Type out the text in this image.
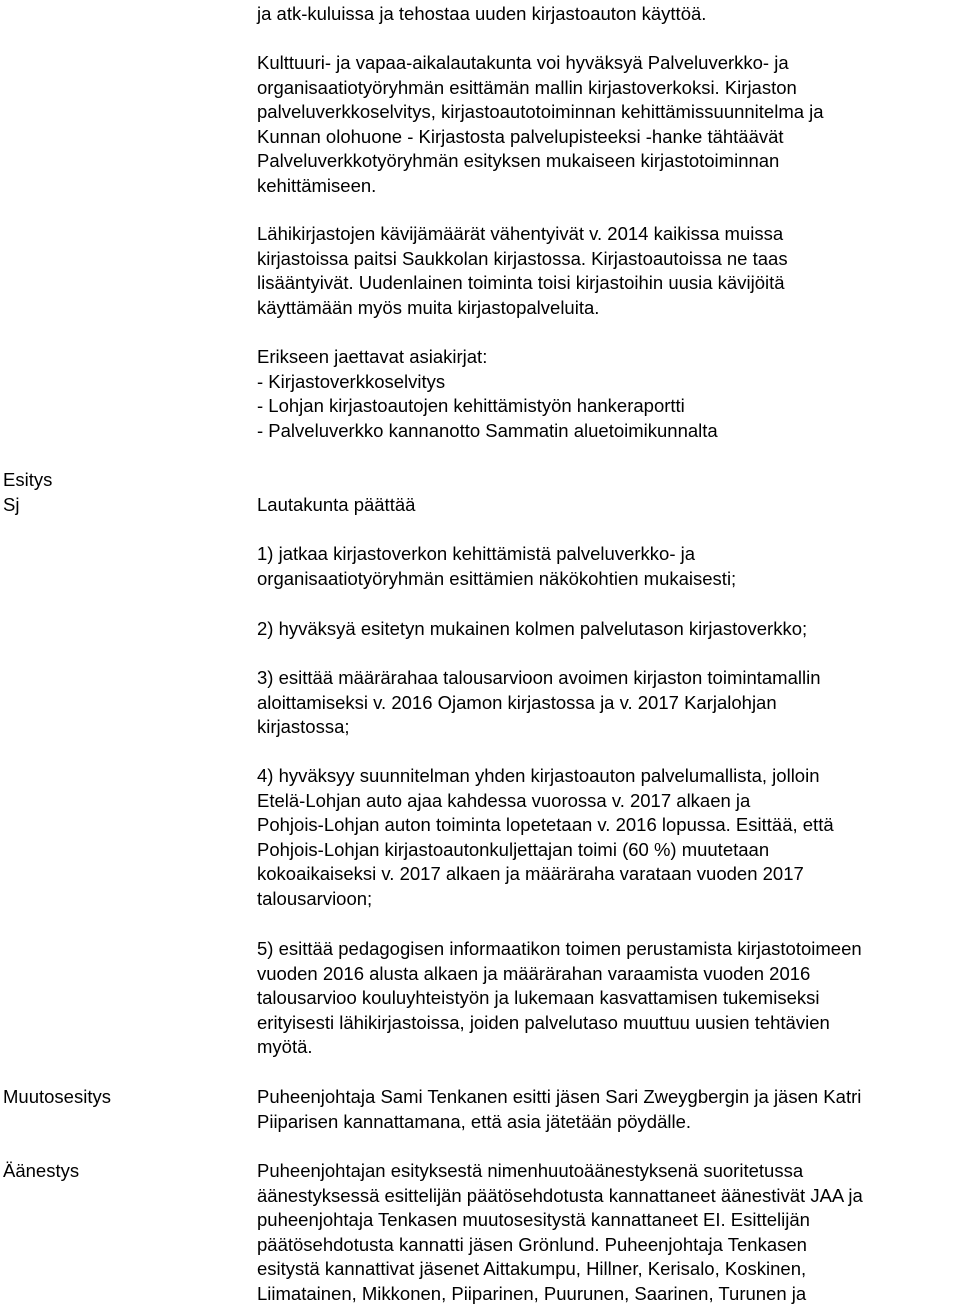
ja atk-kuluissa ja tehostaa uuden kirjastoauton käyttöä.

Kulttuuri- ja vapaa-aikalautakunta voi hyväksyä Palveluverkko- ja
organisaatiotyöryhmän esittämän mallin kirjastoverkoksi. Kirjaston
palveluverkkoselvitys, kirjastoautotoiminnan kehittämissuunnitelma ja
Kunnan olohuone - Kirjastosta palvelupisteeksi -hanke tähtäävät
Palveluverkkotyöryhmän esityksen mukaiseen kirjastotoiminnan
kehittämiseen.

Lähikirjastojen kävijämäärät vähentyivät v. 2014 kaikissa muissa
kirjastoissa paitsi Saukkolan kirjastossa. Kirjastoautoissa ne taas
lisääntyivät. Uudenlainen toiminta toisi kirjastoihin uusia kävijöitä
käyttämään myös muita kirjastopalveluita.

Erikseen jaettavat asiakirjat:
- Kirjastoverkkoselvitys
- Lohjan kirjastoautojen kehittämistyön hankeraportti
- Palveluverkko kannanotto Sammatin aluetoimikunnalta
Esitys
Sj	Lautakunta päättää

1) jatkaa kirjastoverkon kehittämistä palveluverkko- ja
organisaatiotyöryhmän esittämien näkökohtien mukaisesti;

2) hyväksyä esitetyn mukainen kolmen palvelutason kirjastoverkko;

3) esittää määrärahaa talousarvioon avoimen kirjaston toimintamallin
aloittamiseksi v. 2016 Ojamon kirjastossa ja v. 2017 Karjalohjan
kirjastossa;

4) hyväksyy suunnitelman yhden kirjastoauton palvelumallista, jolloin
Etelä-Lohjan auto ajaa kahdessa vuorossa v. 2017 alkaen ja
Pohjois-Lohjan auton toiminta lopetetaan v. 2016 lopussa. Esittää, että
Pohjois-Lohjan kirjastoautonkuljettajan toimi (60 %) muutetaan
kokoaikaiseksi v. 2017 alkaen ja määräraha varataan vuoden 2017
talousarvioon;

5) esittää pedagogisen informaatikon toimen perustamista kirjastotoimeen
vuoden 2016 alusta alkaen ja määrärahan varaamista vuoden 2016
talousarvioo kouluyhteistyön ja lukemaan kasvattamisen tukemiseksi
erityisesti lähikirjastoissa, joiden palvelutaso muuttuu uusien tehtävien
myötä.

Muutosesitys	Puheenjohtaja Sami Tenkanen esitti jäsen Sari Zweygbergin ja jäsen Katri
Piiparisen kannattamana, että asia jätetään pöydälle.

Äänestys	Puheenjohtajan esityksestä nimenhuutoäänestyksenä suoritetussa
äänestyksessä esittelijän päätösehdotusta kannattaneet äänestivät JAA ja
puheenjohtaja Tenkasen muutosesitystä kannattaneet EI. Esittelijän
päätösehdotusta kannatti jäsen Grönlund. Puheenjohtaja Tenkasen
esitystä kannattivat jäsenet Aittakumpu, Hillner, Kerisalo, Koskinen,
Liimatainen, Mikkonen, Piiparinen, Puurunen, Saarinen, Turunen ja
